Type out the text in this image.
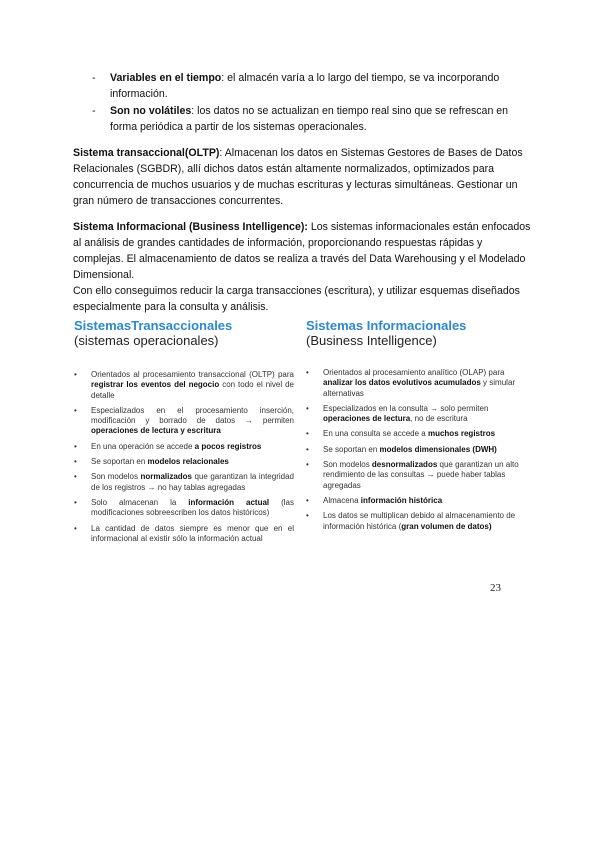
- Variables en el tiempo: el almacén varía a lo largo del tiempo, se va incorporando información.
- Son no volátiles: los datos no se actualizan en tiempo real sino que se refrescan en forma periódica a partir de los sistemas operacionales.

Sistema transaccional(OLTP): Almacenan los datos en Sistemas Gestores de Bases de Datos Relacionales (SGBDR), allí dichos datos están altamente normalizados, optimizados para concurrencia de muchos usuarios y de muchas escrituras y lecturas simultáneas. Gestionar un gran número de transacciones concurrentes.

Sistema Informacional (Business Intelligence): Los sistemas informacionales están enfocados al análisis de grandes cantidades de información, proporcionando respuestas rápidas y complejas. El almacenamiento de datos se realiza a través del Data Warehousing y el Modelado Dimensional.
Con ello conseguimos reducir la carga transacciones (escritura), y utilizar esquemas diseñados especialmente para la consulta y análisis.

SistemasTransaccionales
(sistemas operacionales)
Sistemas Informacionales
(Business Intelligence)
• Orientados al procesamiento transaccional (OLTP) para registrar los eventos del negocio con todo el nivel de detalle
• Especializados en el procesamiento inserción, modificación y borrado de datos → permiten operaciones de lectura y escritura
• En una operación se accede a pocos registros
• Se soportan en modelos relacionales
• Son modelos normalizados que garantizan la integridad de los registros → no hay tablas agregadas
• Solo almacenan la información actual (las modificaciones sobreescriben los datos históricos)
• La cantidad de datos siempre es menor que en el informacional al existir sólo la información actual
• Orientados al procesamiento analítico (OLAP) para analizar los datos evolutivos acumulados y simular alternativas
• Especializados en la consulta → solo permiten operaciones de lectura, no de escritura
• En una consulta se accede a muchos registros
• Se soportan en modelos dimensionales (DWH)
• Son modelos desnormalizados que garantizan un alto rendimiento de las consultas → puede haber tablas agregadas
• Almacena información histórica
• Los datos se multiplican debido al almacenamiento de información histórica (gran volumen de datos)
23
